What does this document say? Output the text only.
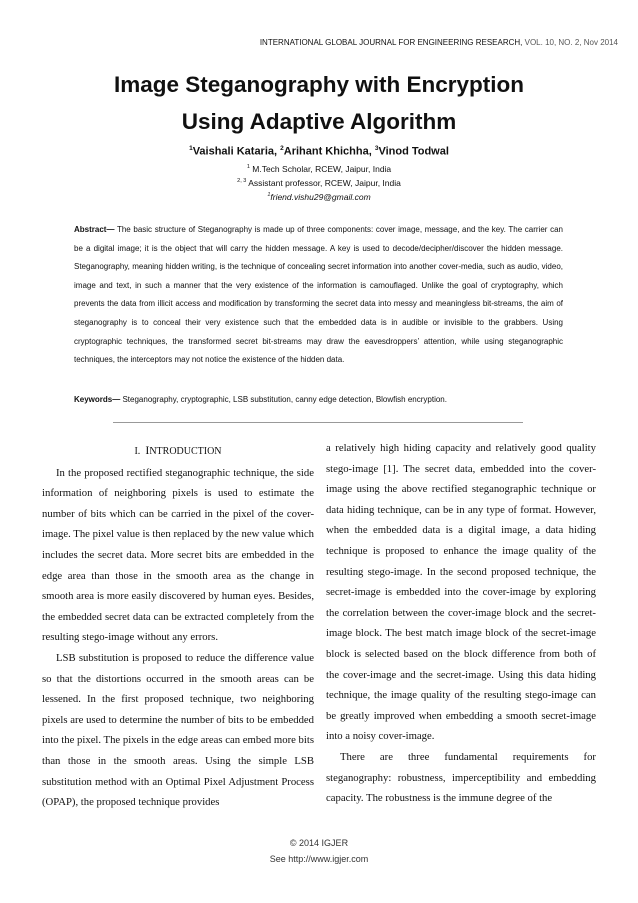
INTERNATIONAL GLOBAL JOURNAL FOR ENGINEERING RESEARCH, VOL. 10, NO. 2, Nov 2014
Image Steganography with Encryption
Using Adaptive Algorithm
$^1$Vaishali Kataria, $^2$Arihant Khichha, $^3$Vinod Todwal
$^1$ M.Tech Scholar, RCEW, Jaipur, India
$^{2, 3}$ Assistant professor, RCEW, Jaipur, India
$^1$friend.vishu29@gmail.com
Abstract— The basic structure of Steganography is made up of three components: cover image, message, and the key. The carrier can be a digital image; it is the object that will carry the hidden message. A key is used to decode/decipher/discover the hidden message. Steganography, meaning hidden writing, is the technique of concealing secret information into another cover-media, such as audio, video, image and text, in such a manner that the very existence of the information is camouflaged. Unlike the goal of cryptography, which prevents the data from illicit access and modification by transforming the secret data into messy and meaningless bit-streams, the aim of steganography is to conceal their very existence such that the embedded data is in audible or invisible to the grabbers. Using cryptographic techniques, the transformed secret bit-streams may draw the eavesdroppers’ attention, while using steganographic techniques, the interceptors may not notice the existence of the hidden data.
Keywords— Steganography, cryptographic, LSB substitution, canny edge detection, Blowfish encryption.
I. INTRODUCTION

In the proposed rectified steganographic technique, the side information of neighboring pixels is used to estimate the number of bits which can be carried in the pixel of the cover-image. The pixel value is then replaced by the new value which includes the secret data. More secret bits are embedded in the edge area than those in the smooth area as the change in smooth area is more easily discovered by human eyes. Besides, the embedded secret data can be extracted completely from the resulting stego-image without any errors.

LSB substitution is proposed to reduce the difference value so that the distortions occurred in the smooth areas can be lessened. In the first proposed technique, two neighboring pixels are used to determine the number of bits to be embedded into the pixel. The pixels in the edge areas can embed more bits than those in the smooth areas. Using the simple LSB substitution method with an Optimal Pixel Adjustment Process (OPAP), the proposed technique provides

a relatively high hiding capacity and relatively good quality stego-image [1]. The secret data, embedded into the cover-image using the above rectified steganographic technique or data hiding technique, can be in any type of format. However, when the embedded data is a digital image, a data hiding technique is proposed to enhance the image quality of the resulting stego-image. In the second proposed technique, the secret-image is embedded into the cover-image by exploring the correlation between the cover-image block and the secret-image block. The best match image block of the secret-image block is selected based on the block difference from both of the cover-image and the secret-image. Using this data hiding technique, the image quality of the resulting stego-image can be greatly improved when embedding a smooth secret-image into a noisy cover-image.

There are three fundamental requirements for steganography: robustness, imperceptibility and embedding capacity. The robustness is the immune degree of the

© 2014 IGJER
See http://www.igjer.com
